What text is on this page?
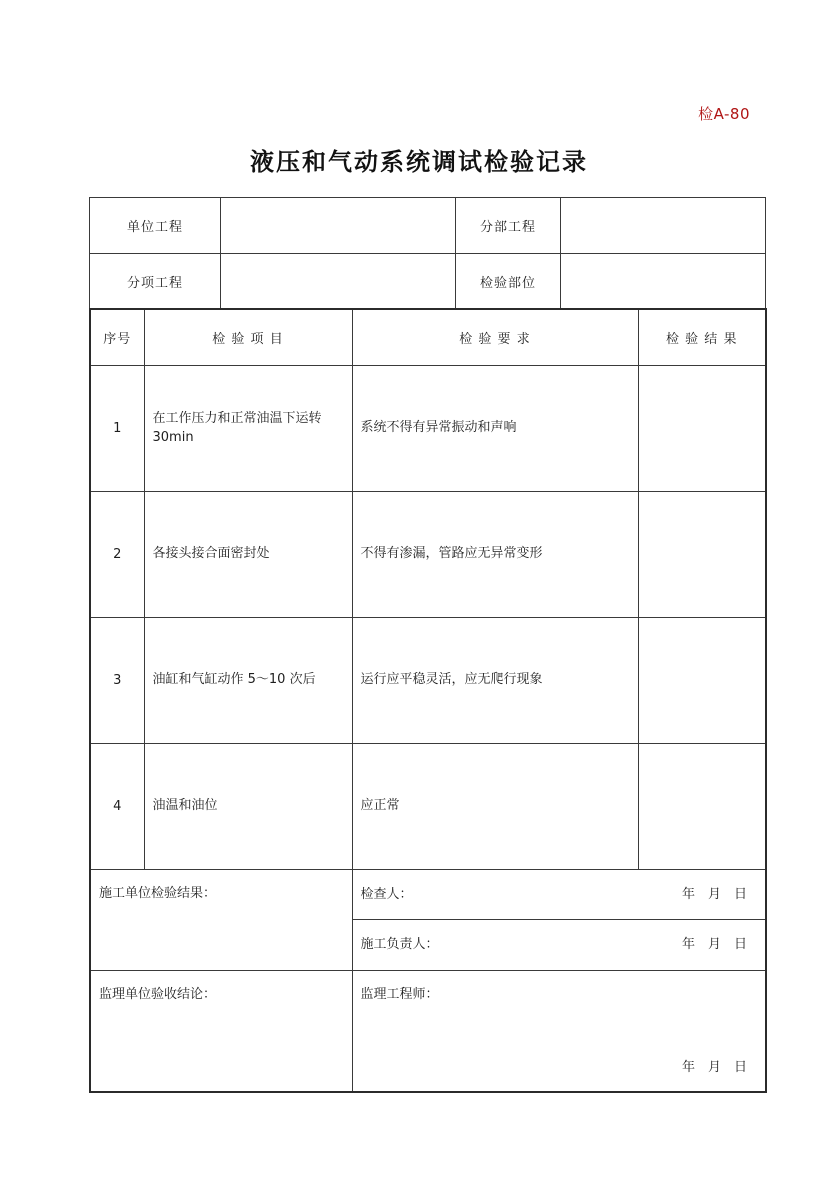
检A-80
液压和气动系统调试检验记录
单位工程		分部工程	
分项工程		检验部位	
序号	检 验 项 目	检 验 要 求	检 验 结 果
1	在工作压力和正常油温下运转30min	系统不得有异常振动和声响	
2	各接头接合面密封处	不得有渗漏，管路应无异常变形	
3	油缸和气缸动作 5～10 次后	运行应平稳灵活，应无爬行现象	
4	油温和油位	应正常	
施工单位检验结果：		检查人： 年　月　日	

		施工负责人： 年　月　日	

监理单位验收结论：		监理工程师：
年　月　日	
